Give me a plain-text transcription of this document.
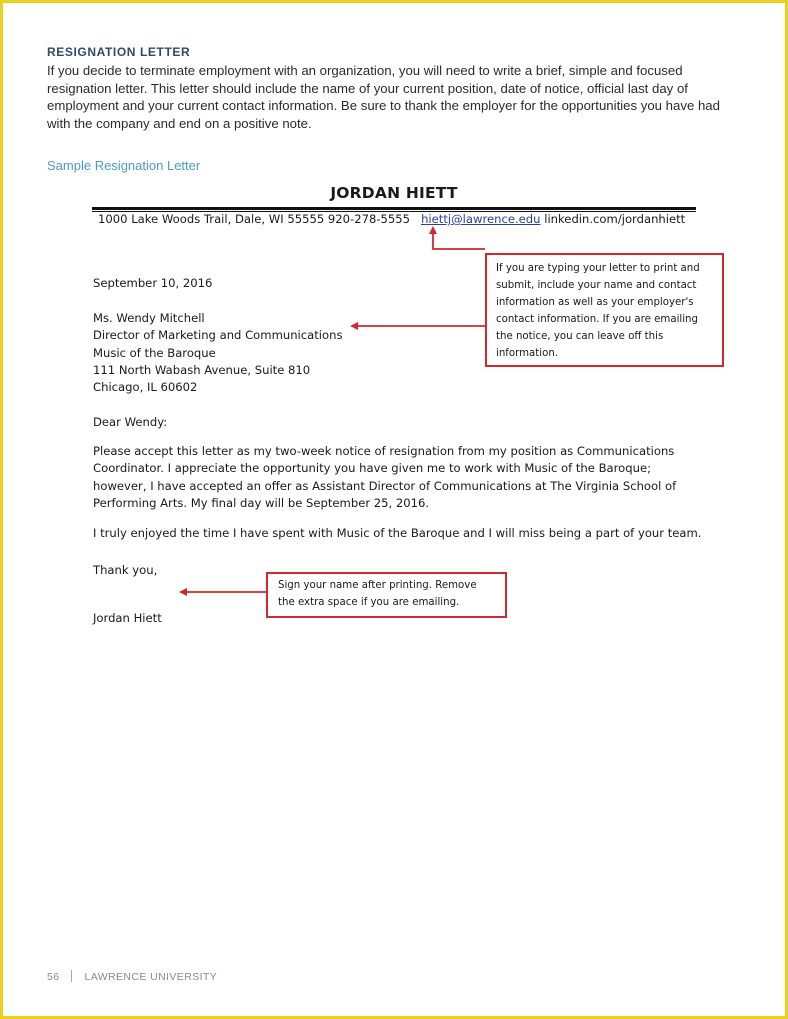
RESIGNATION LETTER
If you decide to terminate employment with an organization, you will need to write a brief, simple and focused resignation letter. This letter should include the name of your current position, date of notice, official last day of employment and your current contact information. Be sure to thank the employer for the opportunities you have had with the company and end on a positive note.
Sample Resignation Letter
JORDAN HIETT
1000 Lake Woods Trail, Dale, WI 55555 920-278-5555 hiettj@lawrence.edu linkedin.com/jordanhiett
September 10, 2016
Ms. Wendy Mitchell
Director of Marketing and Communications
Music of the Baroque
111 North Wabash Avenue, Suite 810
Chicago, IL 60602
Dear Wendy:
Please accept this letter as my two-week notice of resignation from my position as Communications
Coordinator. I appreciate the opportunity you have given me to work with Music of the Baroque;
however, I have accepted an offer as Assistant Director of Communications at The Virginia School of
Performing Arts. My final day will be September 25, 2016.
I truly enjoyed the time I have spent with Music of the Baroque and I will miss being a part of your team.
Thank you,
Jordan Hiett
If you are typing your letter to print and
submit, include your name and contact
information as well as your employer's
contact information. If you are emailing
the notice, you can leave off this
information.
Sign your name after printing. Remove
the extra space if you are emailing.
56 LAWRENCE UNIVERSITY
